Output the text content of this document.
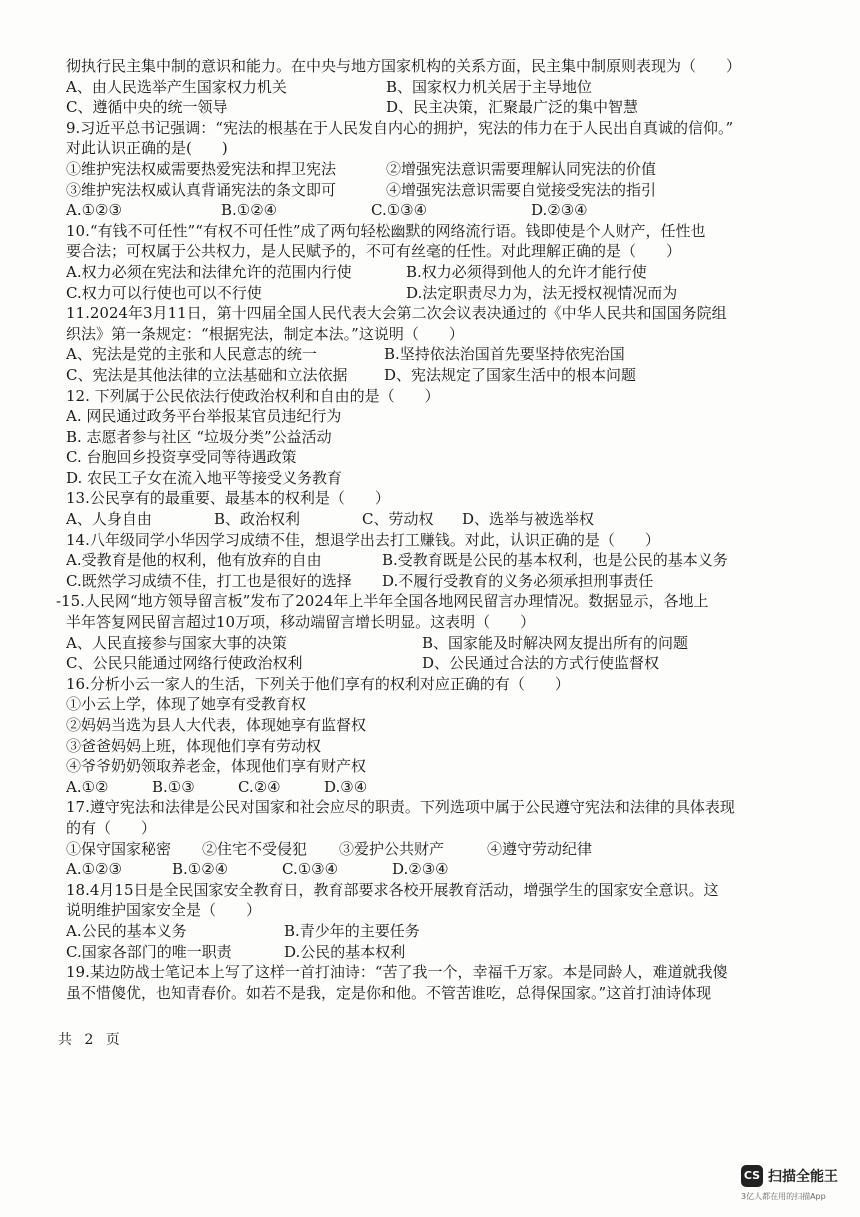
彻执行民主集中制的意识和能力。在中央与地方国家机构的关系方面，民主集中制原则表现为（　　）
A、由人民选举产生国家权力机关	B、国家权力机关居于主导地位
C、遵循中央的统一领导	D、民主决策，汇聚最广泛的集中智慧
9.习近平总书记强调：“宪法的根基在于人民发自内心的拥护，宪法的伟力在于人民出自真诚的信仰。”
对此认识正确的是(　　)
①维护宪法权威需要热爱宪法和捍卫宪法	②增强宪法意识需要理解认同宪法的价值
③维护宪法权威认真背诵宪法的条文即可	④增强宪法意识需要自觉接受宪法的指引
A.①②③	B.①②④	C.①③④	D.②③④
10.“有钱不可任性”“有权不可任性”成了两句轻松幽默的网络流行语。钱即使是个人财产，任性也
要合法；可权属于公共权力，是人民赋予的，不可有丝毫的任性。对此理解正确的是（　　）
A.权力必须在宪法和法律允许的范围内行使	B.权力必须得到他人的允许才能行使
C.权力可以行使也可以不行使	D.法定职责尽力为，法无授权视情况而为
11.2024年3月11日，第十四届全国人民代表大会第二次会议表决通过的《中华人民共和国国务院组
织法》第一条规定：“根据宪法，制定本法。”这说明（　　）
A、宪法是党的主张和人民意志的统一	B.坚持依法治国首先要坚持依宪治国
C、宪法是其他法律的立法基础和立法依据	D、宪法规定了国家生活中的根本问题
12. 下列属于公民依法行使政治权利和自由的是（　　）
A. 网民通过政务平台举报某官员违纪行为
B. 志愿者参与社区 “垃圾分类”公益活动
C. 台胞回乡投资享受同等待遇政策
D. 农民工子女在流入地平等接受义务教育
13.公民享有的最重要、最基本的权利是（　　）
A、人身自由	B、政治权利	C、劳动权	D、选举与被选举权
14.八年级同学小华因学习成绩不佳，想退学出去打工赚钱。对此，认识正确的是（　　）
A.受教育是他的权利，他有放弃的自由	B.受教育既是公民的基本权利，也是公民的基本义务
C.既然学习成绩不佳，打工也是很好的选择	D.不履行受教育的义务必须承担刑事责任
-15.人民网“地方领导留言板”发布了2024年上半年全国各地网民留言办理情况。数据显示，各地上
半年答复网民留言超过10万项，移动端留言增长明显。这表明（　　）
A、人民直接参与国家大事的决策	B、国家能及时解决网友提出所有的问题
C、公民只能通过网络行使政治权利	D、公民通过合法的方式行使监督权
16.分析小云一家人的生活，下列关于他们享有的权利对应正确的有（　　）
①小云上学，体现了她享有受教育权
②妈妈当选为县人大代表，体现她享有监督权
③爸爸妈妈上班，体现他们享有劳动权
④爷爷奶奶领取养老金，体现他们享有财产权
A.①②	B.①③	C.②④	D.③④
17.遵守宪法和法律是公民对国家和社会应尽的职责。下列选项中属于公民遵守宪法和法律的具体表现
的有（　　）
①保守国家秘密	②住宅不受侵犯	③爱护公共财产	④遵守劳动纪律
A.①②③	B.①②④	C.①③④	D.②③④
18.4月15日是全民国家安全教育日，教育部要求各校开展教育活动，增强学生的国家安全意识。这
说明维护国家安全是（　　）
A.公民的基本义务	B.青少年的主要任务
C.国家各部门的唯一职责	D.公民的基本权利
19.某边防战士笔记本上写了这样一首打油诗：“苦了我一个，幸福千万家。本是同龄人，难道就我傻
虽不惜傻优，也知青春价。如若不是我，定是你和他。不管苦谁吃，总得保国家。”这首打油诗体现
共 2 页
CS 扫描全能王
3亿人都在用的扫描App
